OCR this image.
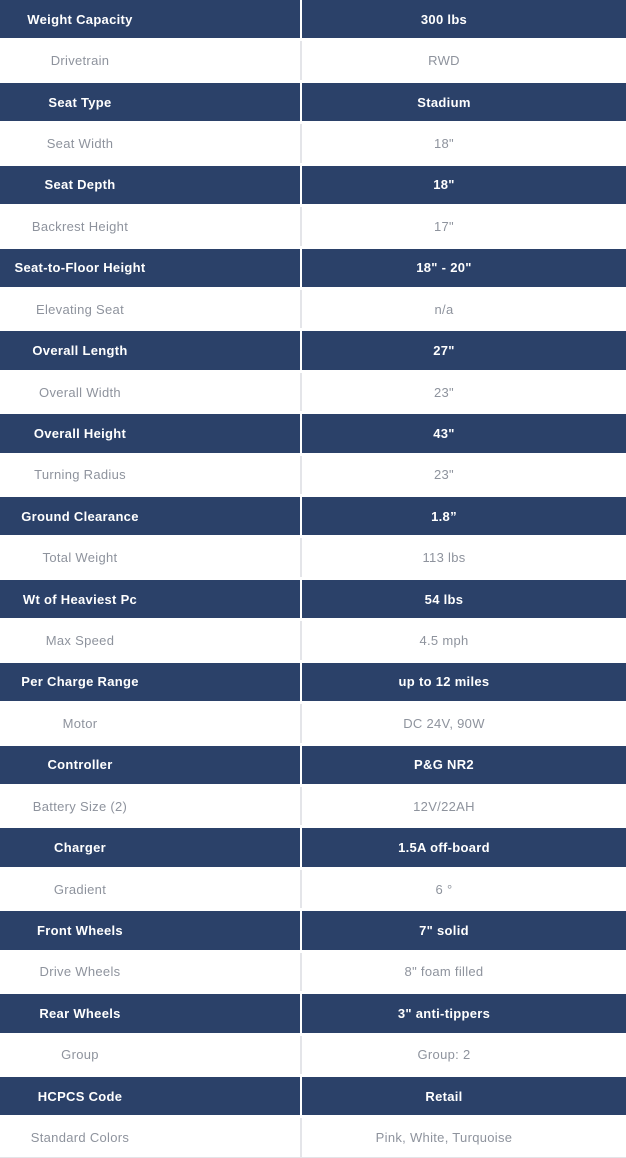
Weight Capacity	300 lbs
Drivetrain	RWD
Seat Type	Stadium
Seat Width	18"
Seat Depth	18"
Backrest Height	17"
Seat-to-Floor Height	18" - 20"
Elevating Seat	n/a
Overall Length	27"
Overall Width	23"
Overall Height	43"
Turning Radius	23"
Ground Clearance	1.8”
Total Weight	113 lbs
Wt of Heaviest Pc	54 lbs
Max Speed	4.5 mph
Per Charge Range	up to 12 miles
Motor	DC 24V, 90W
Controller	P&G NR2
Battery Size (2)	12V/22AH
Charger	1.5A off-board
Gradient	6 °
Front Wheels	7" solid
Drive Wheels	8" foam filled
Rear Wheels	3" anti-tippers
Group	Group: 2
HCPCS Code	Retail
Standard Colors	Pink, White, Turquoise
